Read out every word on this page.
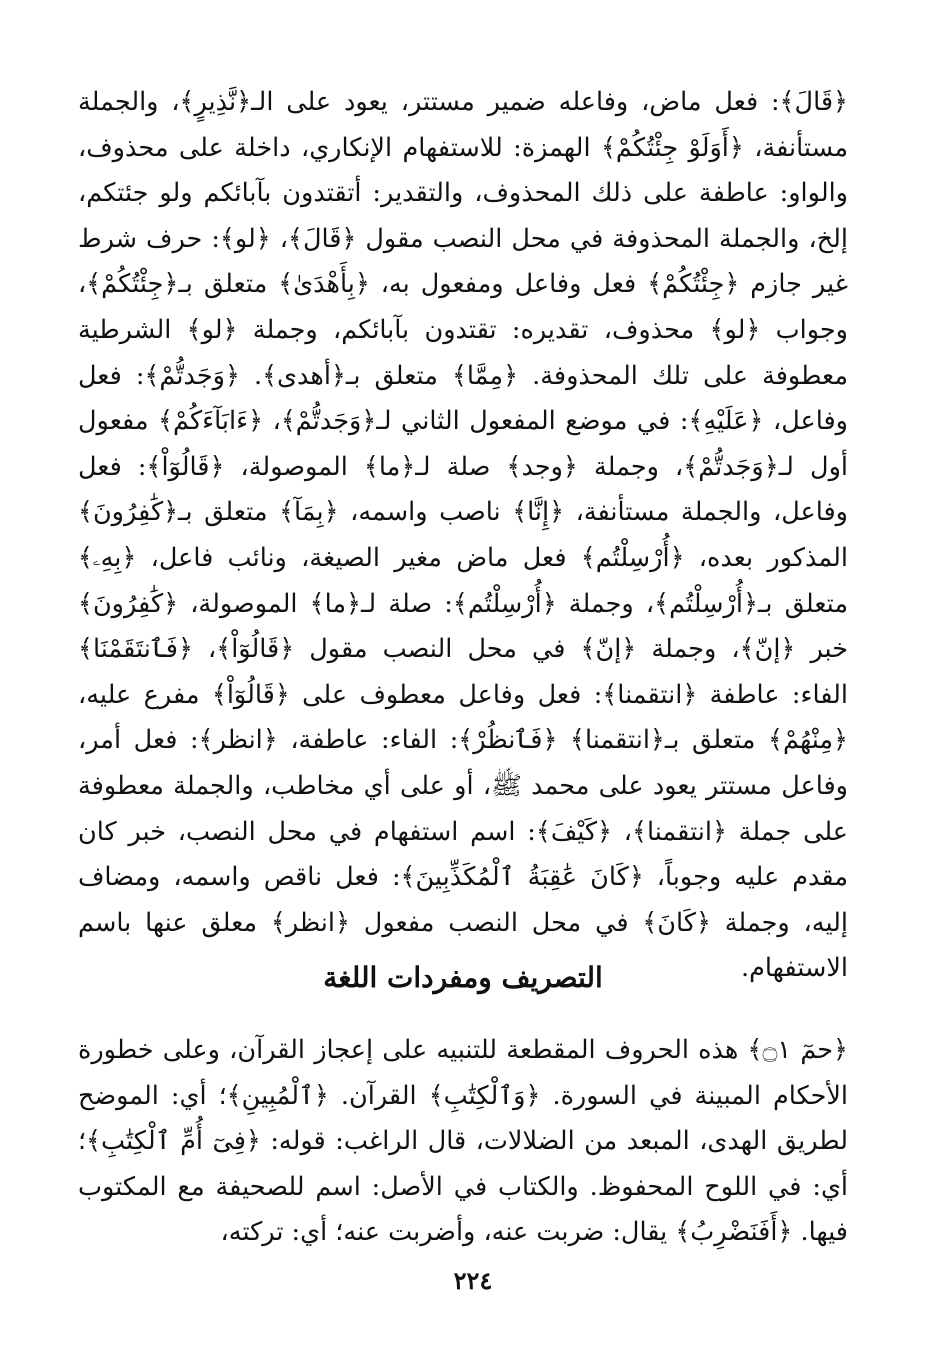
﴿قَالَ﴾: فعل ماض، وفاعله ضمير مستتر، يعود على الـ﴿نَّذِيرٍ﴾، والجملة مستأنفة، ﴿أَوَلَوْ جِئْتُكُمْ﴾ الهمزة: للاستفهام الإنكاري، داخلة على محذوف، والواو: عاطفة على ذلك المحذوف، والتقدير: أتقتدون بآبائكم ولو جئتكم، إلخ، والجملة المحذوفة في محل النصب مقول ﴿قَالَ﴾، ﴿لو﴾: حرف شرط غير جازم ﴿جِئْتُكُمْ﴾ فعل وفاعل ومفعول به، ﴿بِأَهْدَىٰ﴾ متعلق بـ﴿جِئْتُكُمْ﴾، وجواب ﴿لو﴾ محذوف، تقديره: تقتدون بآبائكم، وجملة ﴿لو﴾ الشرطية معطوفة على تلك المحذوفة. ﴿مِمَّا﴾ متعلق بـ﴿أهدى﴾. ﴿وَجَدتُّمْ﴾: فعل وفاعل، ﴿عَلَيْهِ﴾: في موضع المفعول الثاني لـ﴿وَجَدتُّمْ﴾، ﴿ءَابَآءَكُمْ﴾ مفعول أول لـ﴿وَجَدتُّمْ﴾، وجملة ﴿وجد﴾ صلة لـ﴿ما﴾ الموصولة، ﴿قَالُوٓاْ﴾: فعل وفاعل، والجملة مستأنفة، ﴿إِنَّا﴾ ناصب واسمه، ﴿بِمَآ﴾ متعلق بـ﴿كَٰفِرُونَ﴾ المذكور بعده، ﴿أُرْسِلْتُم﴾ فعل ماض مغير الصيغة، ونائب فاعل، ﴿بِهِۦ﴾ متعلق بـ﴿أُرْسِلْتُم﴾، وجملة ﴿أُرْسِلْتُم﴾: صلة لـ﴿ما﴾ الموصولة، ﴿كَٰفِرُونَ﴾ خبر ﴿إنّ﴾، وجملة ﴿إنّ﴾ في محل النصب مقول ﴿قَالُوٓاْ﴾، ﴿فَٱنتَقَمْنَا﴾ الفاء: عاطفة ﴿انتقمنا﴾: فعل وفاعل معطوف على ﴿قَالُوٓاْ﴾ مفرع عليه، ﴿مِنْهُمْ﴾ متعلق بـ﴿انتقمنا﴾ ﴿فَٱنظُرْ﴾: الفاء: عاطفة، ﴿انظر﴾: فعل أمر، وفاعل مستتر يعود على محمد ﷺ، أو على أي مخاطب، والجملة معطوفة على جملة ﴿انتقمنا﴾، ﴿كَيْفَ﴾: اسم استفهام في محل النصب، خبر كان مقدم عليه وجوباً، ﴿كَانَ عَٰقِبَةُ ٱلْمُكَذِّبِينَ﴾: فعل ناقص واسمه، ومضاف إليه، وجملة ﴿كَانَ﴾ في محل النصب مفعول ﴿انظر﴾ معلق عنها باسم الاستفهام.

التصريف ومفردات اللغة

﴿حمٓ ۝١﴾ هذه الحروف المقطعة للتنبيه على إعجاز القرآن، وعلى خطورة الأحكام المبينة في السورة. ﴿وَٱلْكِتَٰبِ﴾ القرآن. ﴿ٱلْمُبِينِ﴾؛ أي: الموضح لطريق الهدى، المبعد من الضلالات، قال الراغب: قوله: ﴿فِىٓ أُمِّ ٱلْكِتَٰبِ﴾؛ أي: في اللوح المحفوظ. والكتاب في الأصل: اسم للصحيفة مع المكتوب فيها. ﴿أَفَنَضْرِبُ﴾ يقال: ضربت عنه، وأضربت عنه؛ أي: تركته،

٢٢٤
